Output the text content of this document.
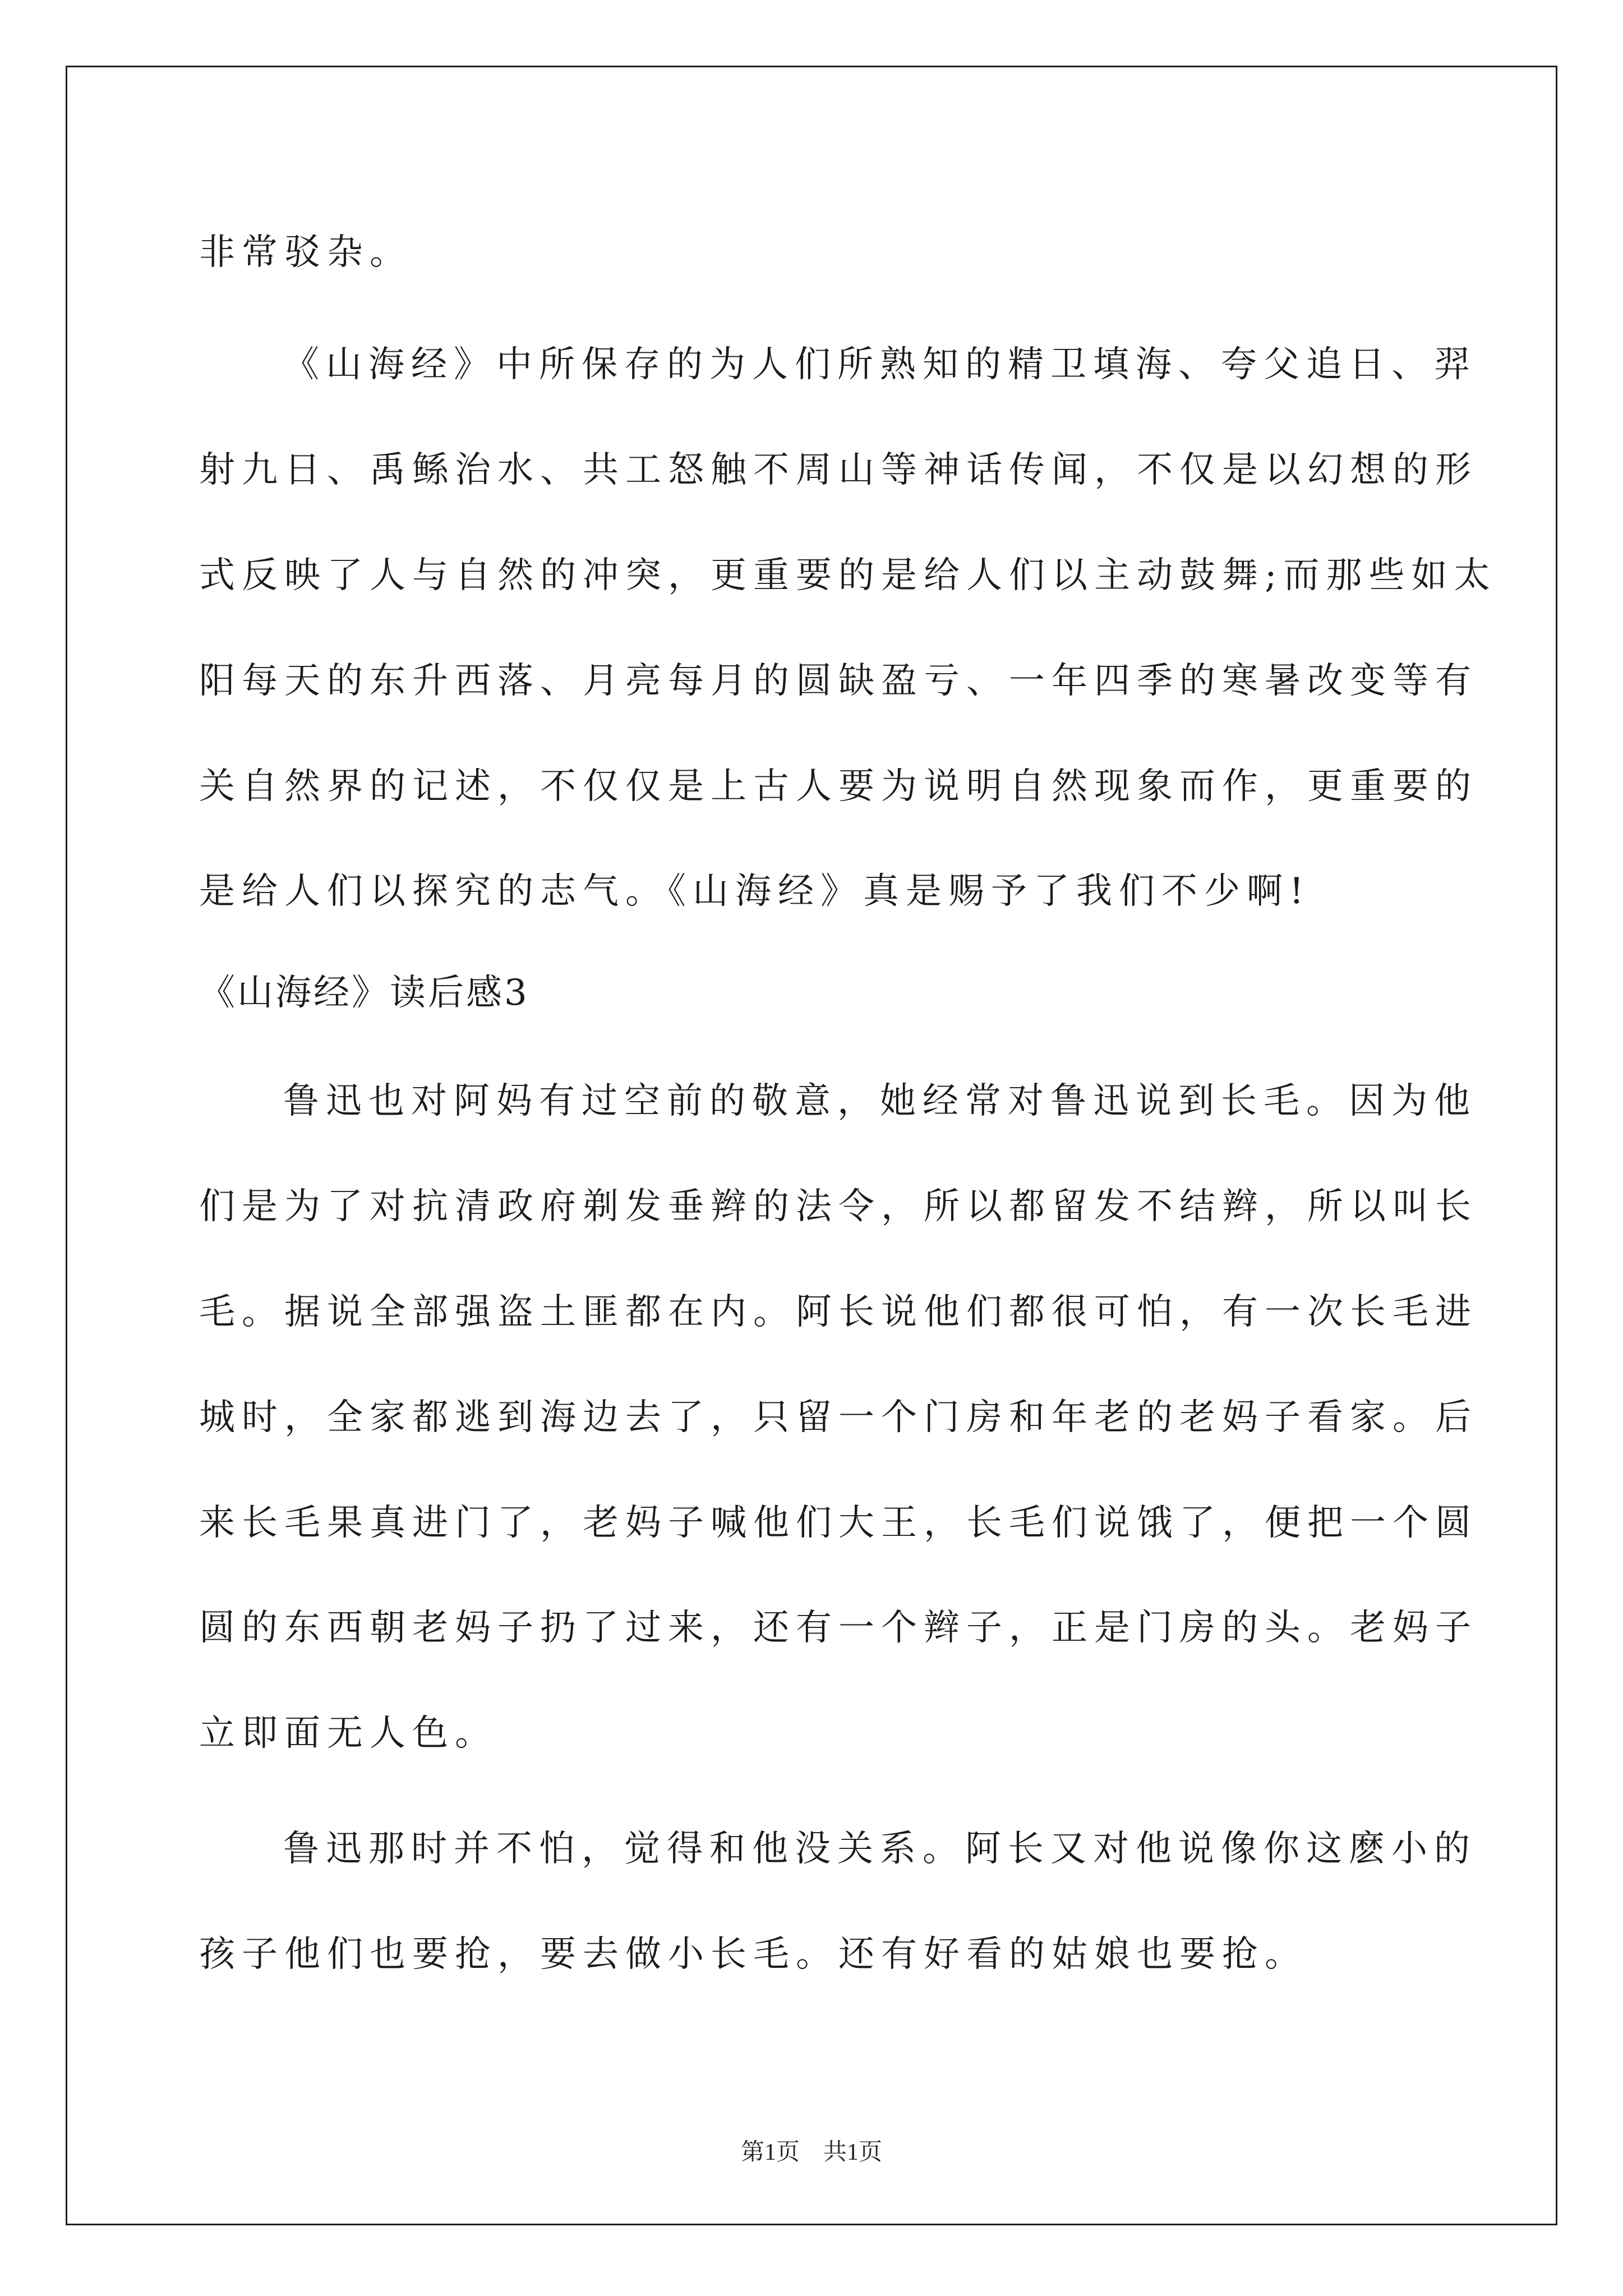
非常驳杂。
《山海经》中所保存的为人们所熟知的精卫填海、夸父追日、羿
射九日、禹鲧治水、共工怒触不周山等神话传闻，不仅是以幻想的形
式反映了人与自然的冲突，更重要的是给人们以主动鼓舞;而那些如太
阳每天的东升西落、月亮每月的圆缺盈亏、一年四季的寒暑改变等有
关自然界的记述，不仅仅是上古人要为说明自然现象而作，更重要的
是给人们以探究的志气。《山海经》真是赐予了我们不少啊!
《山海经》读后感3
鲁迅也对阿妈有过空前的敬意，她经常对鲁迅说到长毛。因为他
们是为了对抗清政府剃发垂辫的法令，所以都留发不结辫，所以叫长
毛。据说全部强盗土匪都在内。阿长说他们都很可怕，有一次长毛进
城时，全家都逃到海边去了，只留一个门房和年老的老妈子看家。后
来长毛果真进门了，老妈子喊他们大王，长毛们说饿了，便把一个圆
圆的东西朝老妈子扔了过来，还有一个辫子，正是门房的头。老妈子
立即面无人色。
鲁迅那时并不怕，觉得和他没关系。阿长又对他说像你这麽小的
孩子他们也要抢，要去做小长毛。还有好看的姑娘也要抢。
第1页　共1页
